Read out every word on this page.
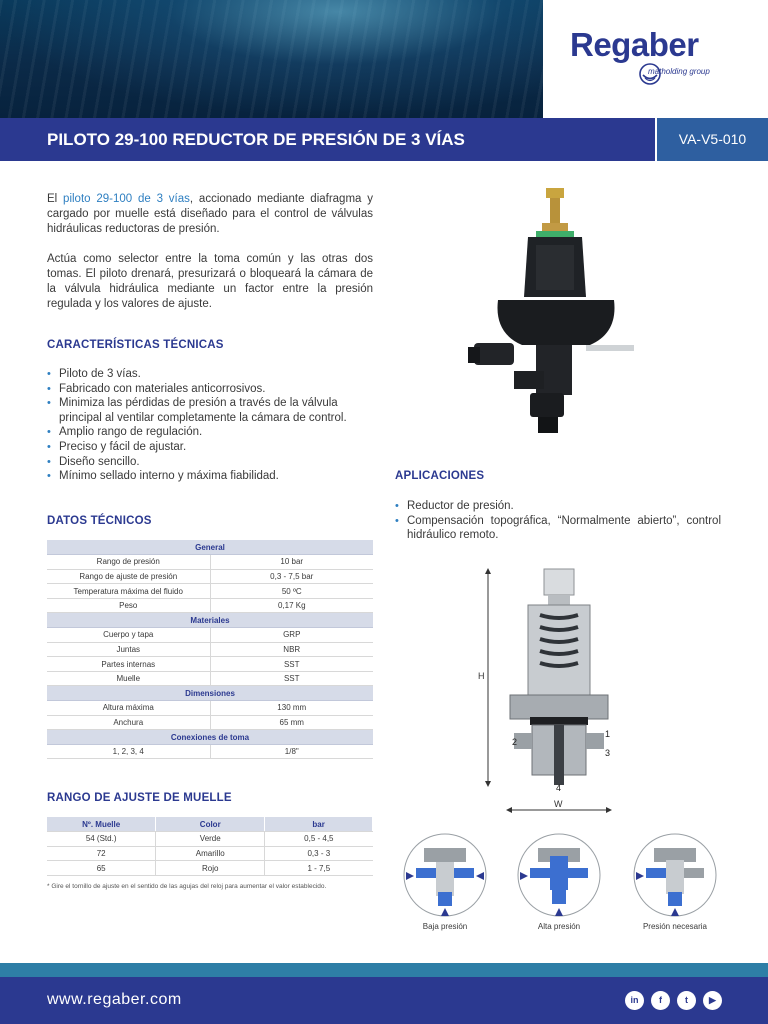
Regaber
matholding group
PILOTO 29-100 REDUCTOR DE PRESIÓN DE 3 VÍAS	VA-V5-010

El piloto 29-100 de 3 vías, accionado mediante diafragma y cargado por muelle está diseñado para el control de válvulas hidráulicas reductoras de presión.

Actúa como selector entre la toma común y las otras dos tomas. El piloto drenará, presurizará o bloqueará la cámara de la válvula hidráulica mediante un factor entre la presión regulada y los valores de ajuste.

CARACTERÍSTICAS TÉCNICAS
• Piloto de 3 vías.
• Fabricado con materiales anticorrosivos.
• Minimiza las pérdidas de presión a través de la válvula principal al ventilar completamente la cámara de control.
• Amplio rango de regulación.
• Preciso y fácil de ajustar.
• Diseño sencillo.
• Mínimo sellado interno y máxima fiabilidad.
DATOS TÉCNICOS
General	
Rango de presión	10 bar
Rango de ajuste de presión	0,3 - 7,5 bar
Temperatura máxima del fluido	50 ºC
Peso	0,17 Kg
Materiales	
Cuerpo y tapa	GRP
Juntas	NBR
Partes internas	SST
Muelle	SST
Dimensiones	
Altura máxima	130 mm
Anchura	65 mm
Conexiones de toma	
1, 2, 3, 4	1/8"
RANGO DE AJUSTE DE MUELLE
Nº. Muelle	Color	bar
54 (Std.)	Verde	0,5 - 4,5
72	Amarillo	0,3 - 3
65	Rojo	1 - 7,5
* Gire el tornillo de ajuste en el sentido de las agujas del reloj para aumentar el valor establecido.
APLICACIONES
• Reductor de presión.
• Compensación topográfica, “Normalmente abierto”, control hidráulico remoto.
H
W
1
2
3
4
Baja presión	Alta presión	Presión necesaria
www.regaber.com	in	f	t	▶
